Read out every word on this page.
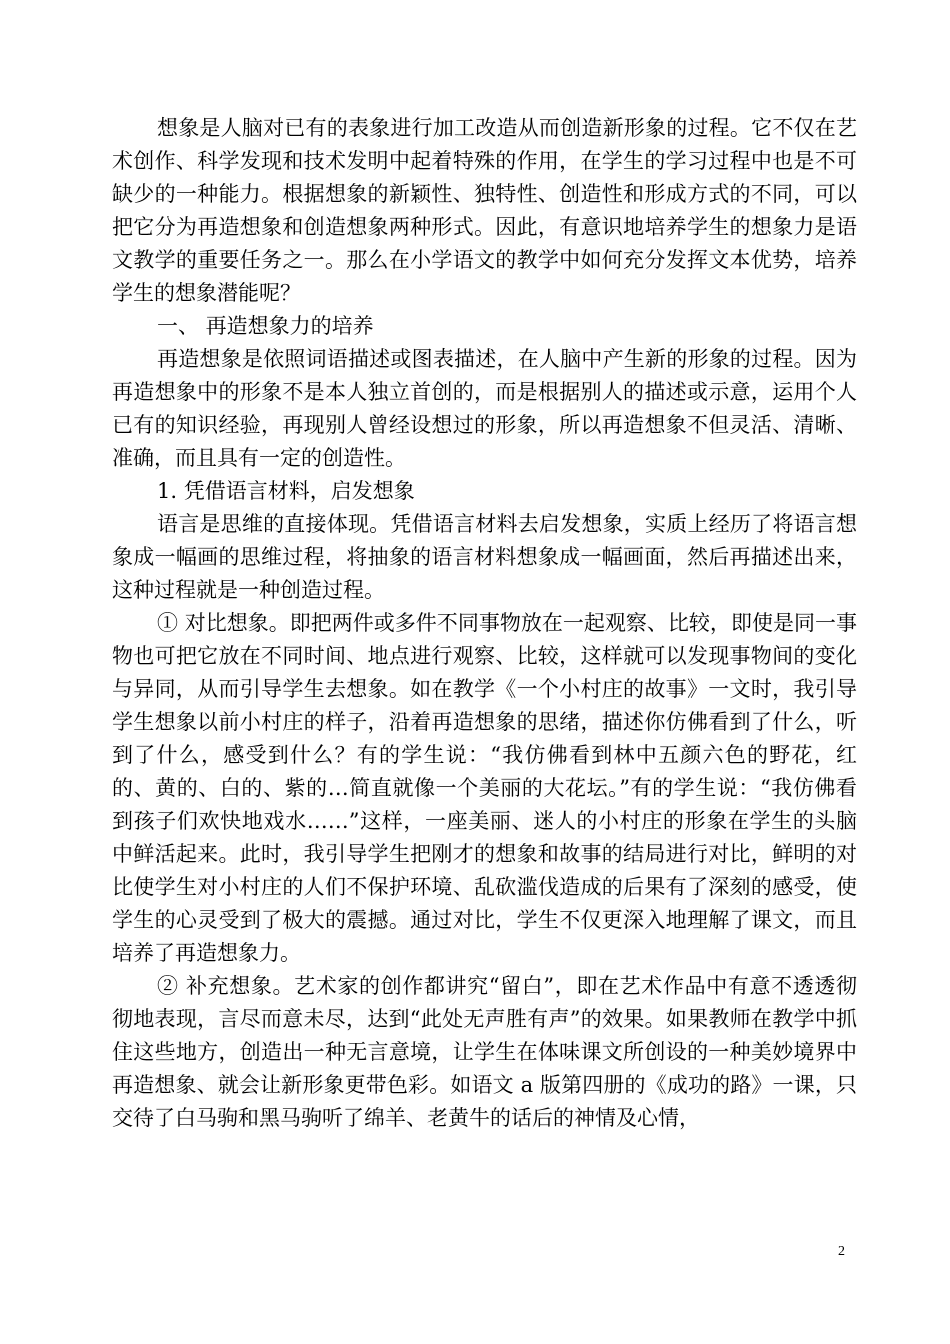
想象是人脑对已有的表象进行加工改造从而创造新形象的过程。它不仅在艺术创作、科学发现和技术发明中起着特殊的作用，在学生的学习过程中也是不可缺少的一种能力。根据想象的新颖性、独特性、创造性和形成方式的不同，可以把它分为再造想象和创造想象两种形式。因此，有意识地培养学生的想象力是语文教学的重要任务之一。那么在小学语文的教学中如何充分发挥文本优势，培养学生的想象潜能呢？

一、 再造想象力的培养

再造想象是依照词语描述或图表描述，在人脑中产生新的形象的过程。因为再造想象中的形象不是本人独立首创的，而是根据别人的描述或示意，运用个人已有的知识经验，再现别人曾经设想过的形象，所以再造想象不但灵活、清晰、准确，而且具有一定的创造性。

1. 凭借语言材料，启发想象

语言是思维的直接体现。凭借语言材料去启发想象，实质上经历了将语言想象成一幅画的思维过程，将抽象的语言材料想象成一幅画面，然后再描述出来，这种过程就是一种创造过程。

① 对比想象。即把两件或多件不同事物放在一起观察、比较，即使是同一事物也可把它放在不同时间、地点进行观察、比较，这样就可以发现事物间的变化与异同，从而引导学生去想象。如在教学《一个小村庄的故事》一文时，我引导学生想象以前小村庄的样子，沿着再造想象的思绪，描述你仿佛看到了什么，听到了什么，感受到什么？有的学生说：“我仿佛看到林中五颜六色的野花，红的、黄的、白的、紫的…简直就像一个美丽的大花坛。”有的学生说：“我仿佛看到孩子们欢快地戏水……”这样，一座美丽、迷人的小村庄的形象在学生的头脑中鲜活起来。此时，我引导学生把刚才的想象和故事的结局进行对比，鲜明的对比使学生对小村庄的人们不保护环境、乱砍滥伐造成的后果有了深刻的感受，使学生的心灵受到了极大的震撼。通过对比，学生不仅更深入地理解了课文，而且培养了再造想象力。

② 补充想象。艺术家的创作都讲究“留白”，即在艺术作品中有意不透透彻彻地表现，言尽而意未尽，达到“此处无声胜有声”的效果。如果教师在教学中抓住这些地方，创造出一种无言意境，让学生在体味课文所创设的一种美妙境界中再造想象、就会让新形象更带色彩。如语文 a 版第四册的《成功的路》一课，只交待了白马驹和黑马驹听了绵羊、老黄牛的话后的神情及心情，

2
